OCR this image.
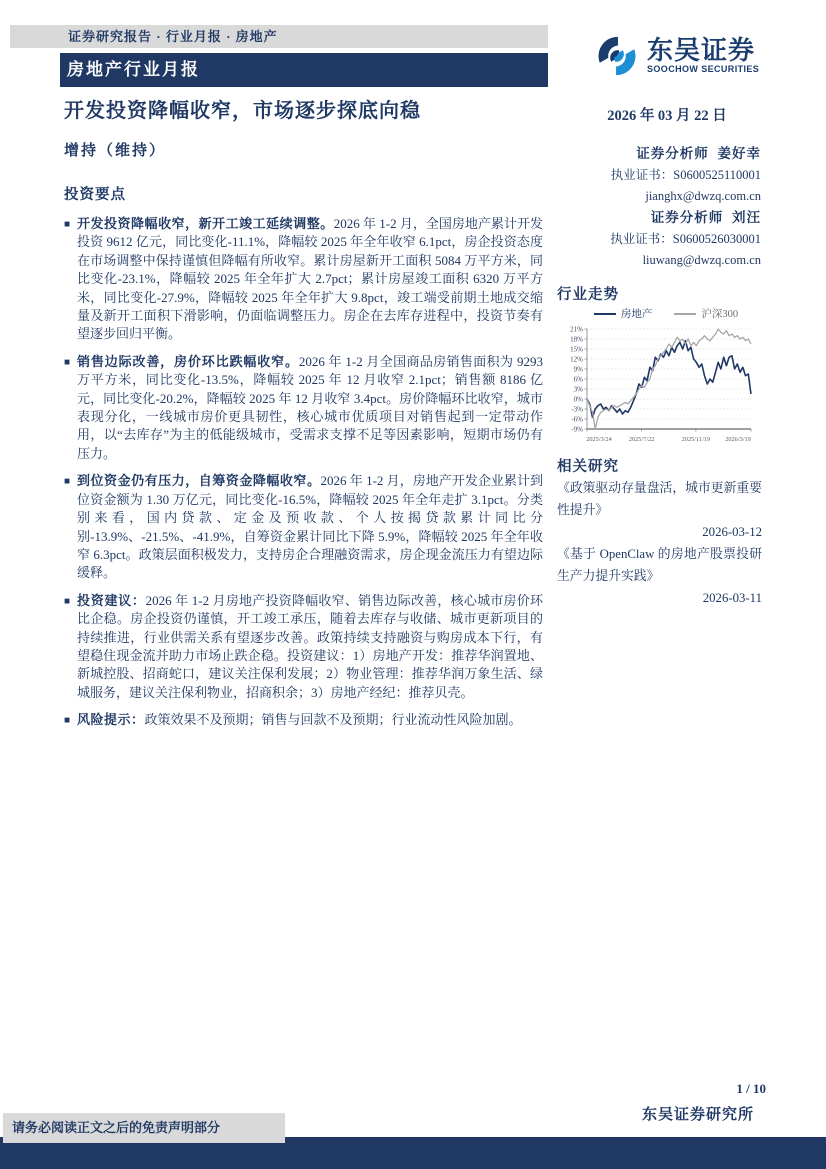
证券研究报告 · 行业月报 · 房地产
房地产行业月报
开发投资降幅收窄，市场逐步探底向稳
增持（维持）
投资要点
■ 开发投资降幅收窄，新开工竣工延续调整。2026 年 1-2 月，全国房地产累计开发投资 9612 亿元，同比变化-11.1%，降幅较 2025 年全年收窄 6.1pct，房企投资态度在市场调整中保持谨慎但降幅有所收窄。累计房屋新开工面积 5084 万平方米，同比变化-23.1%，降幅较 2025 年全年扩大 2.7pct；累计房屋竣工面积 6320 万平方米，同比变化-27.9%，降幅较 2025 年全年扩大 9.8pct，竣工端受前期土地成交缩量及新开工面积下滑影响，仍面临调整压力。房企在去库存进程中，投资节奏有望逐步回归平衡。

■ 销售边际改善，房价环比跌幅收窄。2026 年 1-2 月全国商品房销售面积为 9293 万平方米，同比变化-13.5%，降幅较 2025 年 12 月收窄 2.1pct；销售额 8186 亿元，同比变化-20.2%，降幅较 2025 年 12 月收窄 3.4pct。房价降幅环比收窄，城市表现分化，一线城市房价更具韧性，核心城市优质项目对销售起到一定带动作用，以“去库存”为主的低能级城市，受需求支撑不足等因素影响，短期市场仍有压力。

■ 到位资金仍有压力，自筹资金降幅收窄。2026 年 1-2 月，房地产开发企业累计到位资金额为 1.30 万亿元，同比变化-16.5%，降幅较 2025 年全年走扩 3.1pct。分类别来看，国内贷款、定金及预收款、个人按揭贷款累计同比分别-13.9%、-21.5%、-41.9%，自筹资金累计同比下降 5.9%，降幅较 2025 年全年收窄 6.3pct。政策层面积极发力，支持房企合理融资需求，房企现金流压力有望边际缓释。

■ 投资建议：2026 年 1-2 月房地产投资降幅收窄、销售边际改善，核心城市房价环比企稳。房企投资仍谨慎，开工竣工承压，随着去库存与收储、城市更新项目的持续推进，行业供需关系有望逐步改善。政策持续支持融资与购房成本下行，有望稳住现金流并助力市场止跌企稳。投资建议：1）房地产开发：推荐华润置地、新城控股、招商蛇口，建议关注保利发展；2）物业管理：推荐华润万象生活、绿城服务，建议关注保利物业，招商积余；3）房地产经纪：推荐贝壳。

■ 风险提示：政策效果不及预期；销售与回款不及预期；行业流动性风险加剧。

东吴证券
SOOCHOW SECURITIES
2026 年 03 月 22 日
证券分析师 姜好幸
执业证书：S0600525110001
jianghx@dwzq.com.cn
证券分析师 刘汪
执业证书：S0600526030001
liuwang@dwzq.com.cn
行业走势
房地产	沪深300
21%
18%
15%
12%
9%
6%
3%
0%
-3%
-6%
-9%
2025/3/24	2025/7/22	2025/11/19 2026/3/19
相关研究
《政策驱动存量盘活，城市更新重要性提升》
2026-03-12
《基于 OpenClaw 的房地产股票投研生产力提升实践》
2026-03-11
1 / 10
东吴证券研究所
请务必阅读正文之后的免责声明部分
